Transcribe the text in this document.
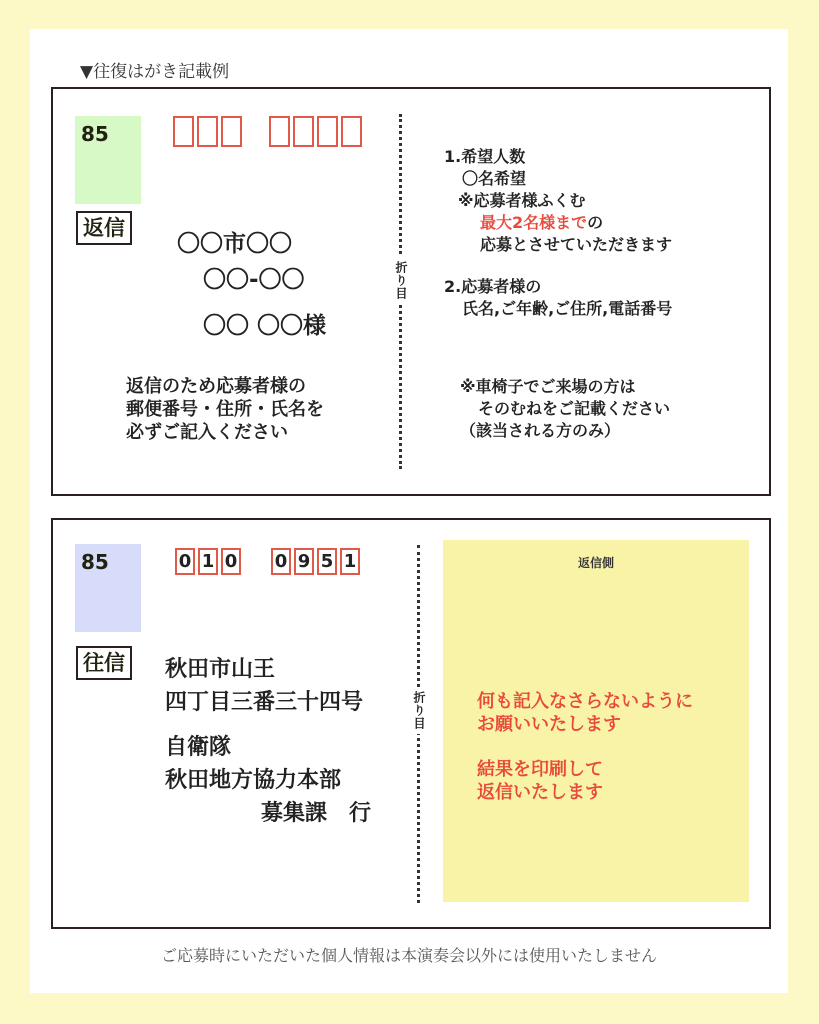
▼往復はがき記載例
85
返信
〇〇市〇〇
〇〇-〇〇
〇〇 〇〇様
返信のため応募者様の
郵便番号・住所・氏名を
必ずご記入ください
折り目
1.希望人数
〇名希望
※応募者様ふくむ
最大2名様までの
応募とさせていただきます
2.応募者様の
氏名,ご年齢,ご住所,電話番号
※車椅子でご来場の方は
そのむねをご記載ください
（該当される方のみ）
85
往信
0 1 0 0 9 5 1
秋田市山王
四丁目三番三十四号
自衛隊
秋田地方協力本部
募集課　行
折り目
返信側
何も記入なさらないように
お願いいたします
結果を印刷して
返信いたします
ご応募時にいただいた個人情報は本演奏会以外には使用いたしません
